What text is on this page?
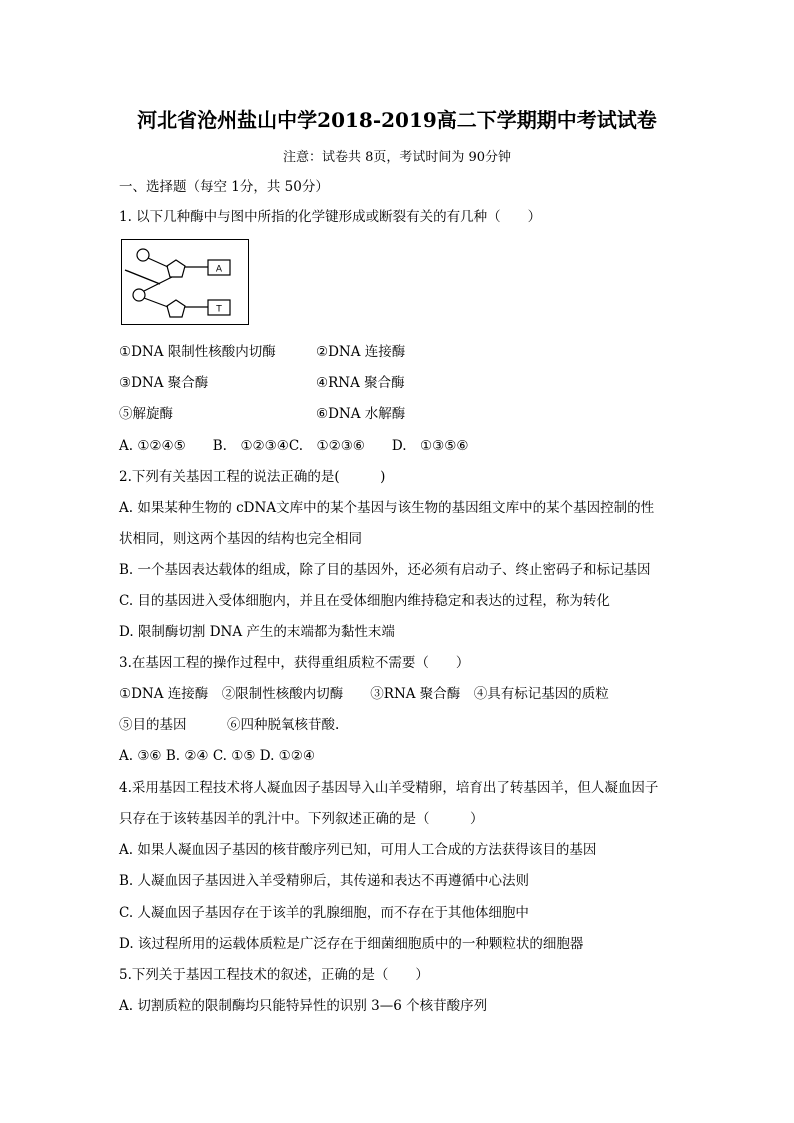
河北省沧州盐山中学2018-2019高二下学期期中考试试卷
注意：试卷共 8页，考试时间为 90分钟
一、选择题（每空 1分，共 50分）
1. 以下几种酶中与图中所指的化学键形成或断裂有关的有几种（　　）
A
T
①DNA 限制性核酸内切酶	②DNA 连接酶
③DNA 聚合酶	④RNA 聚合酶
⑤解旋酶	⑥DNA 水解酶
A. ①②④⑤　　B.　①②③④C.　①②③⑥　　D.　①③⑤⑥
2.下列有关基因工程的说法正确的是(　　　)
A. 如果某种生物的 cDNA文库中的某个基因与该生物的基因组文库中的某个基因控制的性
状相同，则这两个基因的结构也完全相同
B. 一个基因表达载体的组成，除了目的基因外，还必须有启动子、终止密码子和标记基因
C. 目的基因进入受体细胞内，并且在受体细胞内维持稳定和表达的过程，称为转化
D. 限制酶切割 DNA 产生的末端都为黏性末端
3.在基因工程的操作过程中，获得重组质粒不需要（　　）
①DNA 连接酶　②限制性核酸内切酶　　③RNA 聚合酶　④具有标记基因的质粒
⑤目的基因　　　⑥四种脱氧核苷酸.
A. ③⑥ B. ②④ C. ①⑤ D. ①②④
4.采用基因工程技术将人凝血因子基因导入山羊受精卵，培育出了转基因羊，但人凝血因子
只存在于该转基因羊的乳汁中。下列叙述正确的是（　　　）
A. 如果人凝血因子基因的核苷酸序列已知，可用人工合成的方法获得该目的基因
B. 人凝血因子基因进入羊受精卵后，其传递和表达不再遵循中心法则
C. 人凝血因子基因存在于该羊的乳腺细胞，而不存在于其他体细胞中
D. 该过程所用的运载体质粒是广泛存在于细菌细胞质中的一种颗粒状的细胞器
5.下列关于基因工程技术的叙述，正确的是（　　）
A. 切割质粒的限制酶均只能特异性的识别 3—6 个核苷酸序列
